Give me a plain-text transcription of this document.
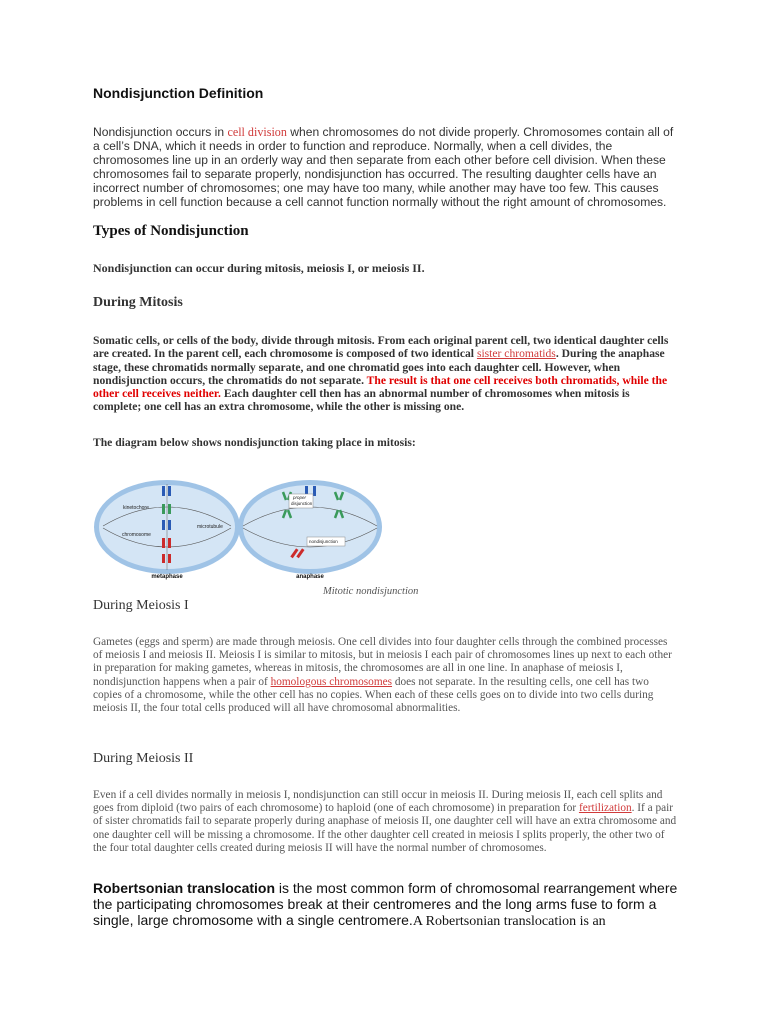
Nondisjunction Definition

Nondisjunction occurs in cell division when chromosomes do not divide properly. Chromosomes contain all of a cell’s DNA, which it needs in order to function and reproduce. Normally, when a cell divides, the chromosomes line up in an orderly way and then separate from each other before cell division. When these chromosomes fail to separate properly, nondisjunction has occurred. The resulting daughter cells have an incorrect number of chromosomes; one may have too many, while another may have too few. This causes problems in cell function because a cell cannot function normally without the right amount of chromosomes.

Types of Nondisjunction

Nondisjunction can occur during mitosis, meiosis I, or meiosis II.

During Mitosis

Somatic cells, or cells of the body, divide through mitosis. From each original parent cell, two identical daughter cells are created. In the parent cell, each chromosome is composed of two identical sister chromatids. During the anaphase stage, these chromatids normally separate, and one chromatid goes into each daughter cell. However, when nondisjunction occurs, the chromatids do not separate. The result is that one cell receives both chromatids, while the other cell receives neither. Each daughter cell then has an abnormal number of chromosomes when mitosis is complete; one cell has an extra chromosome, while the other is missing one.

The diagram below shows nondisjunction taking place in mitosis:

kinetochore
chromosome
microtubule
metaphase
proper
disjunction
nondisjunction
anaphase
Mitotic nondisjunction
During Meiosis I

Gametes (eggs and sperm) are made through meiosis. One cell divides into four daughter cells through the combined processes of meiosis I and meiosis II. Meiosis I is similar to mitosis, but in meiosis I each pair of chromosomes lines up next to each other in preparation for making gametes, whereas in mitosis, the chromosomes are all in one line. In anaphase of meiosis I, nondisjunction happens when a pair of homologous chromosomes does not separate. In the resulting cells, one cell has two copies of a chromosome, while the other cell has no copies. When each of these cells goes on to divide into two cells during meiosis II, the four total cells produced will all have chromosomal abnormalities.

During Meiosis II

Even if a cell divides normally in meiosis I, nondisjunction can still occur in meiosis II. During meiosis II, each cell splits and goes from diploid (two pairs of each chromosome) to haploid (one of each chromosome) in preparation for fertilization. If a pair of sister chromatids fail to separate properly during anaphase of meiosis II, one daughter cell will have an extra chromosome and one daughter cell will be missing a chromosome. If the other daughter cell created in meiosis I splits properly, the other two of the four total daughter cells created during meiosis II will have the normal number of chromosomes.

Robertsonian translocation is the most common form of chromosomal rearrangement where the participating chromosomes break at their centromeres and the long arms fuse to form a single, large chromosome with a single centromere.A Robertsonian translocation is an
